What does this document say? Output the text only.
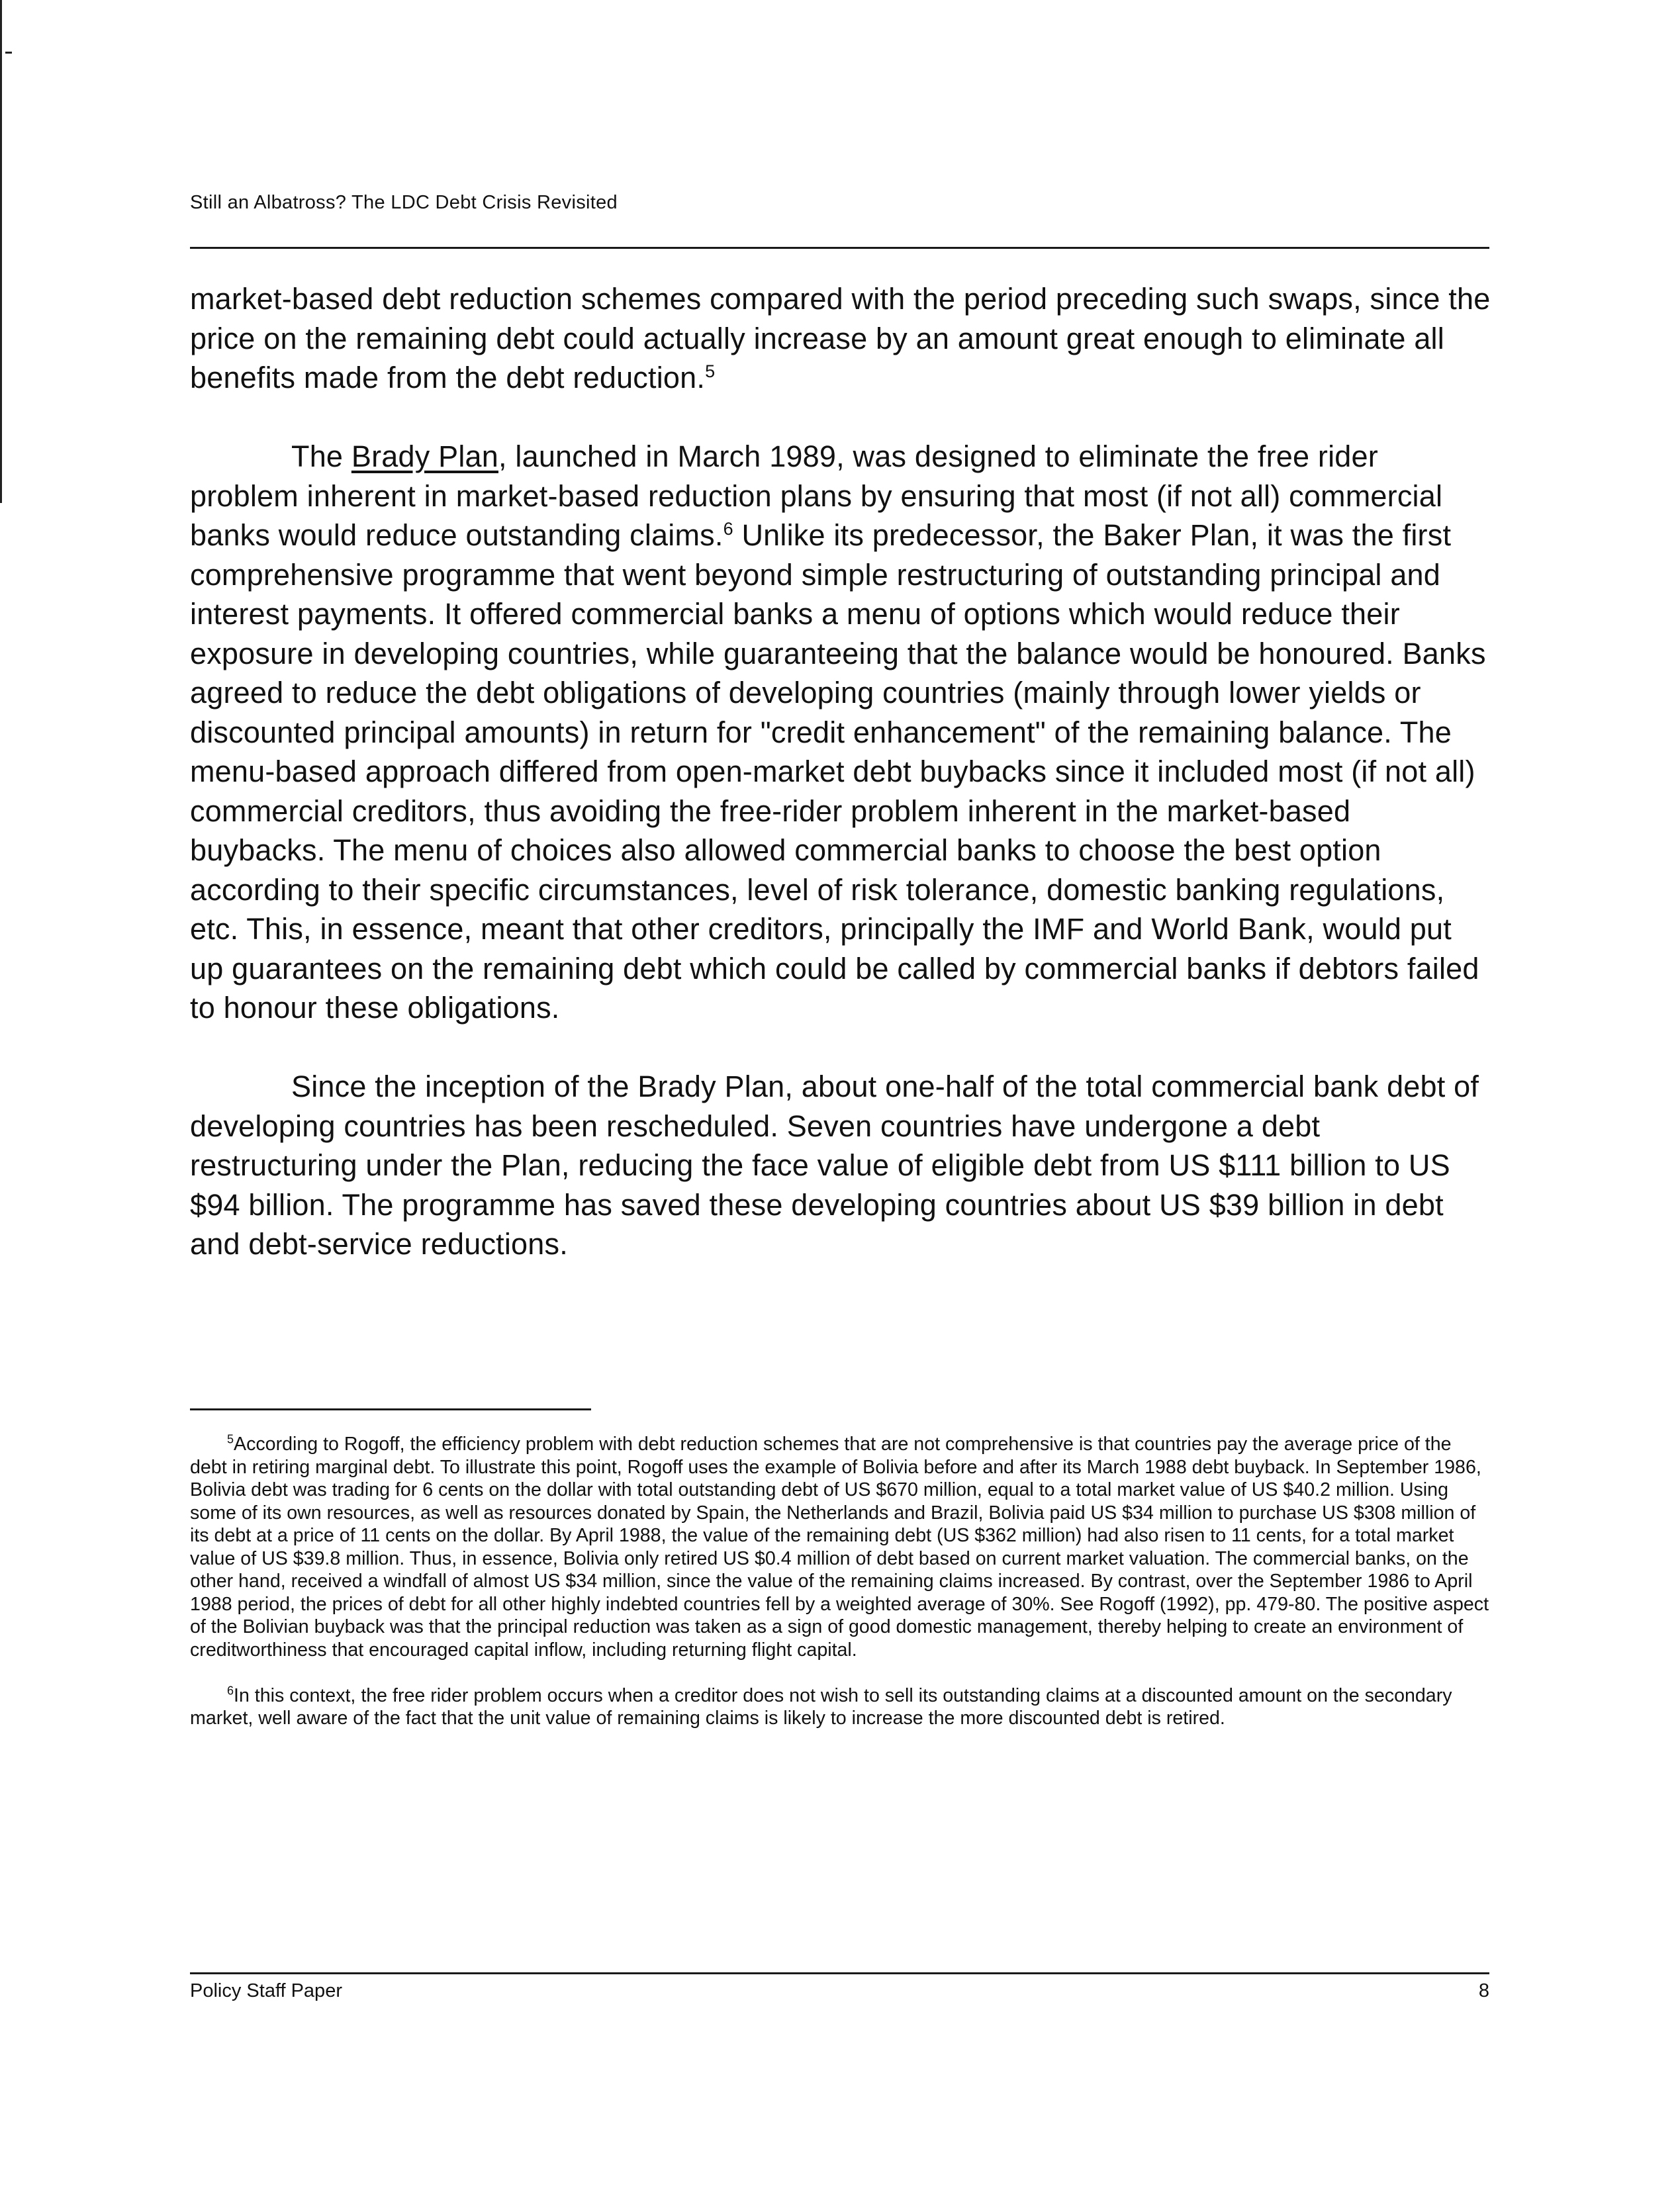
Still an Albatross? The LDC Debt Crisis Revisited

market-based debt reduction schemes compared with the period preceding such swaps, since the price on the remaining debt could actually increase by an amount great enough to eliminate all benefits made from the debt reduction.$^5$

The Brady Plan, launched in March 1989, was designed to eliminate the free rider problem inherent in market-based reduction plans by ensuring that most (if not all) commercial banks would reduce outstanding claims.$^6$ Unlike its predecessor, the Baker Plan, it was the first comprehensive programme that went beyond simple restructuring of outstanding principal and interest payments. It offered commercial banks a menu of options which would reduce their exposure in developing countries, while guaranteeing that the balance would be honoured. Banks agreed to reduce the debt obligations of developing countries (mainly through lower yields or discounted principal amounts) in return for "credit enhancement" of the remaining balance. The menu-based approach differed from open-market debt buybacks since it included most (if not all) commercial creditors, thus avoiding the free-rider problem inherent in the market-based buybacks. The menu of choices also allowed commercial banks to choose the best option according to their specific circumstances, level of risk tolerance, domestic banking regulations, etc. This, in essence, meant that other creditors, principally the IMF and World Bank, would put up guarantees on the remaining debt which could be called by commercial banks if debtors failed to honour these obligations.

Since the inception of the Brady Plan, about one-half of the total commercial bank debt of developing countries has been rescheduled. Seven countries have undergone a debt restructuring under the Plan, reducing the face value of eligible debt from US $111 billion to US $94 billion. The programme has saved these developing countries about US $39 billion in debt and debt-service reductions.

$^5$According to Rogoff, the efficiency problem with debt reduction schemes that are not comprehensive is that countries pay the average price of the debt in retiring marginal debt. To illustrate this point, Rogoff uses the example of Bolivia before and after its March 1988 debt buyback. In September 1986, Bolivia debt was trading for 6 cents on the dollar with total outstanding debt of US $670 million, equal to a total market value of US $40.2 million. Using some of its own resources, as well as resources donated by Spain, the Netherlands and Brazil, Bolivia paid US $34 million to purchase US $308 million of its debt at a price of 11 cents on the dollar. By April 1988, the value of the remaining debt (US $362 million) had also risen to 11 cents, for a total market value of US $39.8 million. Thus, in essence, Bolivia only retired US $0.4 million of debt based on current market valuation. The commercial banks, on the other hand, received a windfall of almost US $34 million, since the value of the remaining claims increased. By contrast, over the September 1986 to April 1988 period, the prices of debt for all other highly indebted countries fell by a weighted average of 30%. See Rogoff (1992), pp. 479-80. The positive aspect of the Bolivian buyback was that the principal reduction was taken as a sign of good domestic management, thereby helping to create an environment of creditworthiness that encouraged capital inflow, including returning flight capital.

$^6$In this context, the free rider problem occurs when a creditor does not wish to sell its outstanding claims at a discounted amount on the secondary market, well aware of the fact that the unit value of remaining claims is likely to increase the more discounted debt is retired.

Policy Staff Paper	8
